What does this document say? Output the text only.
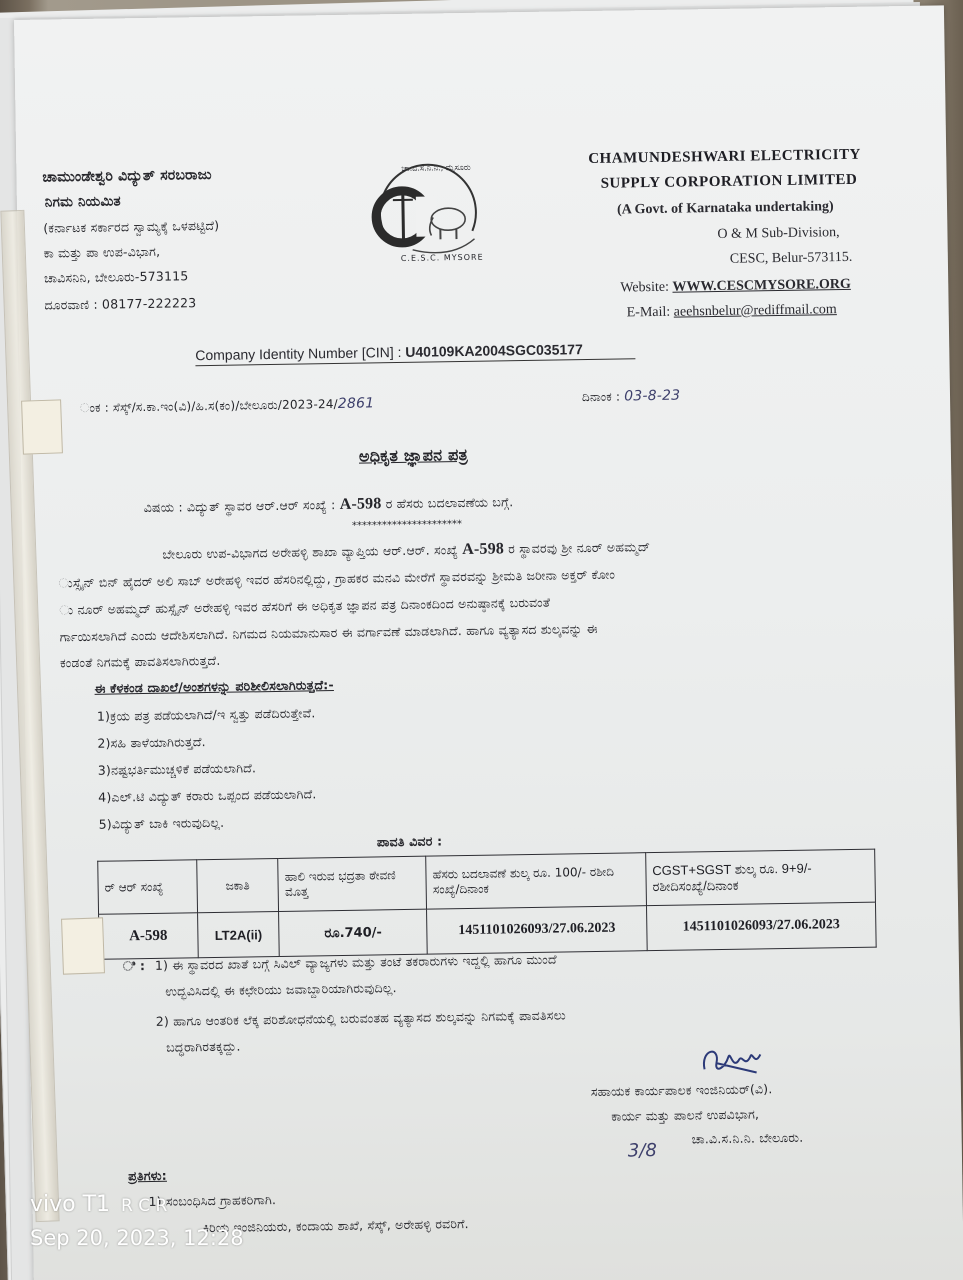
ಚಾಮುಂಡೇಶ್ವರಿ ವಿದ್ಯುತ್ ಸರಬರಾಜು
ನಿಗಮ ನಿಯಮಿತ
(ಕರ್ನಾಟಕ ಸರ್ಕಾರದ ಸ್ವಾಮ್ಯಕ್ಕೆ ಒಳಪಟ್ಟಿದೆ)
ಕಾ ಮತ್ತು ಪಾ ಉಪ-ವಿಭಾಗ,
ಚಾವಿಸನಿನಿ, ಬೇಲೂರು-573115
ದೂರವಾಣಿ : 08177-222223
ಚಾ.ವಿ.ಸ.ನಿ.ನಿ., ಮೈಸೂರು
C.E.S.C. MYSORE
CHAMUNDESHWARI ELECTRICITY
SUPPLY CORPORATION LIMITED
(A Govt. of Karnataka undertaking)
O & M Sub-Division,
CESC, Belur-573115.
Website: WWW.CESCMYSORE.ORG
E-Mail: aeehsnbelur@rediffmail.com
Company Identity Number [CIN] : U40109KA2004SGC035177
ಂಕ : ಸೆಸ್ಕ್/ಸ.ಕಾ.ಇಂ(ವಿ)/ಹಿ.ಸ(ಕಂ)/ಬೇಲೂರು/2023-24/2861	ದಿನಾಂಕ : 03-8-23
ಅಧಿಕೃತ ಜ್ಞಾಪನ ಪತ್ರ
ವಿಷಯ : ವಿದ್ಯುತ್ ಸ್ಥಾವರ ಆರ್.ಆರ್ ಸಂಖ್ಯೆ : A-598 ರ ಹೆಸರು ಬದಲಾವಣೆಯ ಬಗ್ಗೆ.
**********************
ಬೇಲೂರು ಉಪ-ವಿಭಾಗದ ಅರೇಹಳ್ಳಿ ಶಾಖಾ ವ್ಯಾಪ್ತಿಯ ಆರ್.ಆರ್. ಸಂಖ್ಯೆ A-598 ರ ಸ್ಥಾವರವು ಶ್ರೀ ನೂರ್ ಅಹಮ್ಮದ್
ುಸ್ಸೈನ್ ಬಿನ್ ಹೈದರ್ ಅಲಿ ಸಾಬ್ ಅರೇಹಳ್ಳಿ ಇವರ ಹೆಸರಿನಲ್ಲಿದ್ದು, ಗ್ರಾಹಕರ ಮನವಿ ಮೇರೆಗೆ ಸ್ಥಾವರವನ್ನು ಶ್ರೀಮತಿ ಜರೀನಾ ಅಕ್ತರ್ ಕೋಂ
ು ನೂರ್ ಅಹಮ್ಮದ್ ಹುಸ್ಸೈನ್ ಅರೇಹಳ್ಳಿ ಇವರ ಹೆಸರಿಗೆ ಈ ಅಧಿಕೃತ ಜ್ಞಾಪನ ಪತ್ರ ದಿನಾಂಕದಿಂದ ಅನುಷ್ಠಾನಕ್ಕೆ ಬರುವಂತೆ
ರ್ಗಾಯಿಸಲಾಗಿದೆ ಎಂದು ಆದೇಶಿಸಲಾಗಿದೆ. ನಿಗಮದ ನಿಯಮಾನುಸಾರ ಈ ವರ್ಗಾವಣೆ ಮಾಡಲಾಗಿದೆ. ಹಾಗೂ ವ್ಯತ್ಯಾಸದ ಶುಲ್ಕವನ್ನು ಈ
ಕಂಡಂತೆ ನಿಗಮಕ್ಕೆ ಪಾವತಿಸಲಾಗಿರುತ್ತದೆ.
ಈ ಕೆಳಕಂಡ ದಾಖಲೆ/ಅಂಶಗಳನ್ನು ಪರಿಶೀಲಿಸಲಾಗಿರುತ್ತದೆ:-
1)ಕ್ರಯ ಪತ್ರ ಪಡೆಯಲಾಗಿದೆ/ಇ ಸ್ವತ್ತು ಪಡೆದಿರುತ್ತೇವೆ.
2)ಸಹಿ ತಾಳೆಯಾಗಿರುತ್ತದೆ.
3)ನಷ್ಟಭರ್ತಿಮುಚ್ಚಳಿಕೆ ಪಡೆಯಲಾಗಿದೆ.
4)ಎಲ್.ಟಿ ವಿದ್ಯುತ್ ಕರಾರು ಒಪ್ಪಂದ ಪಡೆಯಲಾಗಿದೆ.
5)ವಿದ್ಯುತ್ ಬಾಕಿ ಇರುವುದಿಲ್ಲ.
ಪಾವತಿ ವಿವರ :
ರ್ ಆರ್ ಸಂಖ್ಯೆ	ಜಕಾತಿ	ಹಾಲಿ ಇರುವ ಭದ್ರತಾ ಠೇವಣಿ ಮೊತ್ತ	ಹೆಸರು ಬದಲಾವಣೆ ಶುಲ್ಕ ರೂ. 100/- ರಶೀದಿ ಸಂಖ್ಯೆ/ದಿನಾಂಕ	CGST+SGST ಶುಲ್ಕ ರೂ. 9+9/- ರಶೀದಿಸಂಖ್ಯೆ/ದಿನಾಂಕ
A-598	LT2A(ii)	ರೂ.740/-	1451101026093/27.06.2023	1451101026093/27.06.2023
ಿ : 1) ಈ ಸ್ಥಾವರದ ಖಾತೆ ಬಗ್ಗೆ ಸಿವಿಲ್ ವ್ಯಾಜ್ಯಗಳು ಮತ್ತು ತಂಟೆ ತಕರಾರುಗಳು ಇದ್ದಲ್ಲಿ ಹಾಗೂ ಮುಂದೆ
ಉದ್ಭವಿಸಿದಲ್ಲಿ ಈ ಕಛೇರಿಯು ಜವಾಬ್ದಾರಿಯಾಗಿರುವುದಿಲ್ಲ.
2) ಹಾಗೂ ಆಂತರಿಕ ಲೆಕ್ಕ ಪರಿಶೋಧನೆಯಲ್ಲಿ ಬರುವಂತಹ ವ್ಯತ್ಯಾಸದ ಶುಲ್ಕವನ್ನು ನಿಗಮಕ್ಕೆ ಪಾವತಿಸಲು
ಬದ್ಧರಾಗಿರತಕ್ಕದ್ದು.
ಸಹಾಯಕ ಕಾರ್ಯಪಾಲಕ ಇಂಜಿನಿಯರ್(ವಿ).
ಕಾರ್ಯ ಮತ್ತು ಪಾಲನೆ ಉಪವಿಭಾಗ,
ಚಾ.ವಿ.ಸ.ನಿ.ನಿ. ಬೇಲೂರು.
3/8
ಪ್ರತಿಗಳು:
1) ಸಂಬಂಧಿಸಿದ ಗ್ರಾಹಕರಿಗಾಗಿ.
ಕಿರಿಯ ಇಂಜಿನಿಯರು, ಕಂದಾಯ ಶಾಖೆ, ಸೆಸ್ಕ್, ಅರೇಹಳ್ಳಿ ರವರಿಗೆ.
vivo T1 R C R
Sep 20, 2023, 12:28
